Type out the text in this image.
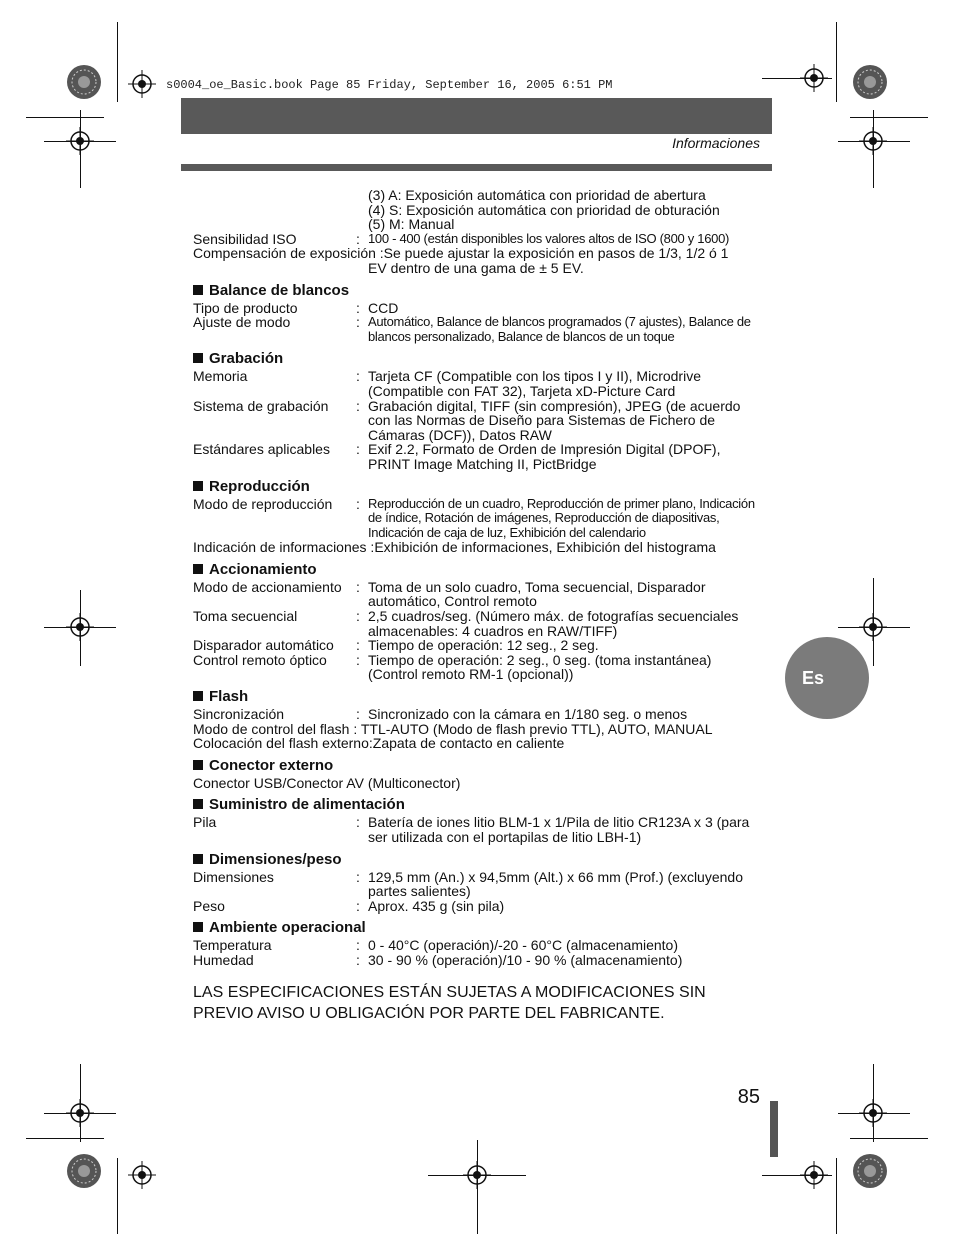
s0004_oe_Basic.book Page 85 Friday, September 16, 2005 6:51 PM
Informaciones
(3) A: Exposición automática con prioridad de abertura
(4) S: Exposición automática con prioridad de obturación
(5) M: Manual
Sensibilidad ISO	: 100 - 400 (están disponibles los valores altos de ISO (800 y 1600)
Compensación de exposición : Se puede ajustar la exposición en pasos de 1/3, 1/2 ó 1
EV dentro de una gama de ± 5 EV.
Balance de blancos
Tipo de producto	: CCD
Ajuste de modo	: Automático, Balance de blancos programados (7 ajustes), Balance de blancos personalizado, Balance de blancos de un toque
Grabación
Memoria	: Tarjeta CF (Compatible con los tipos I y II), Microdrive (Compatible con FAT 32), Tarjeta xD-Picture Card
Sistema de grabación	: Grabación digital, TIFF (sin compresión), JPEG (de acuerdo con las Normas de Diseño para Sistemas de Fichero de Cámaras (DCF)), Datos RAW
Estándares aplicables	: Exif 2.2, Formato de Orden de Impresión Digital (DPOF), PRINT Image Matching II, PictBridge
Reproducción
Modo de reproducción	: Reproducción de un cuadro, Reproducción de primer plano, Indicación de índice, Rotación de imágenes, Reproducción de diapositivas, Indicación de caja de luz, Exhibición del calendario
Indicación de informaciones :Exhibición de informaciones, Exhibición del histograma
Accionamiento
Modo de accionamiento	: Toma de un solo cuadro, Toma secuencial, Disparador automático, Control remoto
Toma secuencial	: 2,5 cuadros/seg. (Número máx. de fotografías secuenciales almacenables: 4 cuadros en RAW/TIFF)
Disparador automático	: Tiempo de operación: 12 seg., 2 seg.
Control remoto óptico	: Tiempo de operación: 2 seg., 0 seg. (toma instantánea) (Control remoto RM-1 (opcional))
Flash
Sincronización	: Sincronizado con la cámara en 1/180 seg. o menos
Modo de control del flash : TTL-AUTO (Modo de flash previo TTL), AUTO, MANUAL
Colocación del flash externo:Zapata de contacto en caliente
Conector externo
Conector USB/Conector AV (Multiconector)
Suministro de alimentación
Pila	: Batería de iones litio BLM-1 x 1/Pila de litio CR123A x 3 (para ser utilizada con el portapilas de litio LBH-1)
Dimensiones/peso
Dimensiones	: 129,5 mm (An.) x 94,5mm (Alt.) x 66 mm (Prof.) (excluyendo partes salientes)
Peso	: Aprox. 435 g (sin pila)
Ambiente operacional
Temperatura	: 0 - 40°C (operación)/-20 - 60°C (almacenamiento)
Humedad	: 30 - 90 % (operación)/10 - 90 % (almacenamiento)
LAS ESPECIFICACIONES ESTÁN SUJETAS A MODIFICACIONES SIN PREVIO AVISO U OBLIGACIÓN POR PARTE DEL FABRICANTE.
Es
85
